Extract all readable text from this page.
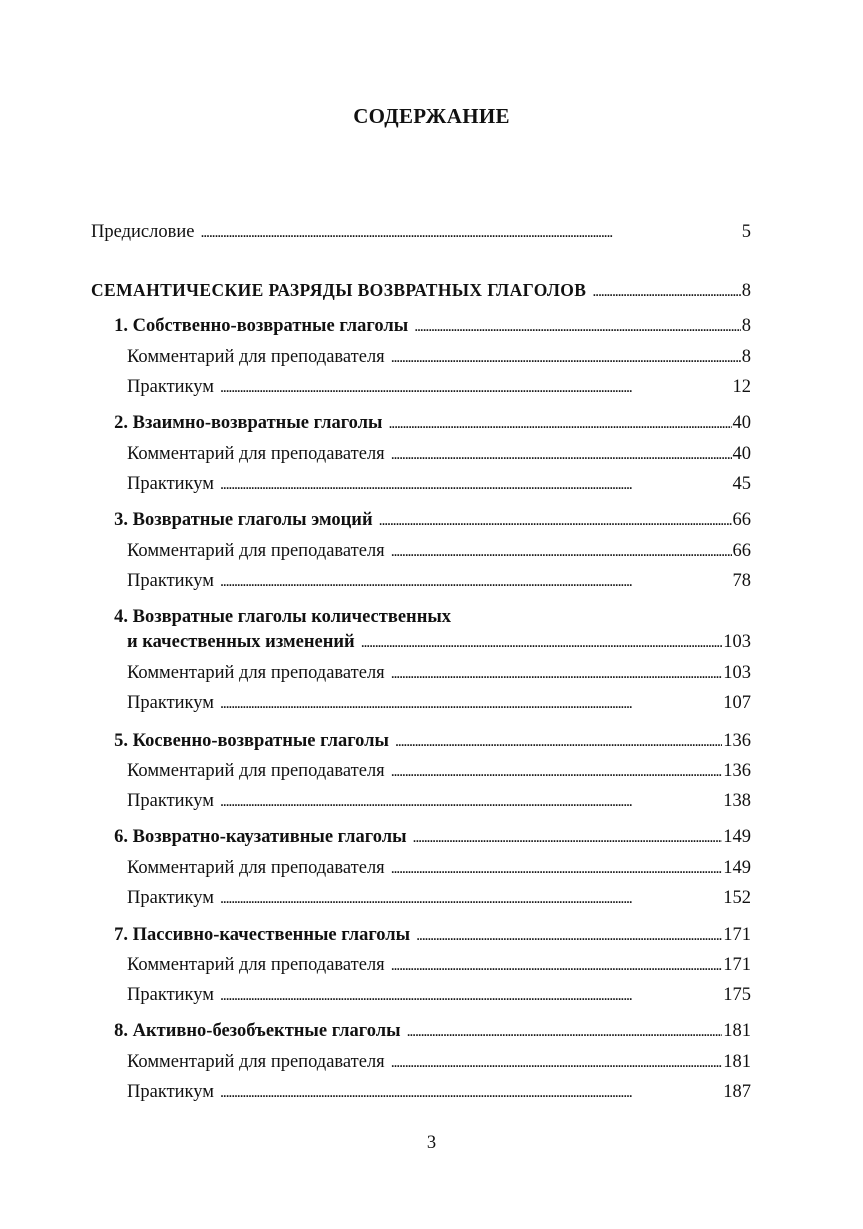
СОДЕРЖАНИЕ
Предисловие . . .	5
СЕМАНТИЧЕСКИЕ РАЗРЯДЫ ВОЗВРАТНЫХ ГЛАГОЛОВ . . .	8
1. Собственно-возвратные глаголы . . .	8
Комментарий для преподавателя . . .	8
Практикум . . .	12
2. Взаимно-возвратные глаголы . . .	40
Комментарий для преподавателя . . .	40
Практикум . . .	45
3. Возвратные глаголы эмоций . . .	66
Комментарий для преподавателя . . .	66
Практикум . . .	78
4. Возвратные глаголы количественных
и качественных изменений . . .	103
Комментарий для преподавателя . . .	103
Практикум . . .	107
5. Косвенно-возвратные глаголы . . .	136
Комментарий для преподавателя . . .	136
Практикум . . .	138
6. Возвратно-каузативные глаголы . . .	149
Комментарий для преподавателя . . .	149
Практикум . . .	152
7. Пассивно-качественные глаголы . . .	171
Комментарий для преподавателя . . .	171
Практикум . . .	175
8. Активно-безобъектные глаголы . . .	181
Комментарий для преподавателя . . .	181
Практикум . . .	187
3
